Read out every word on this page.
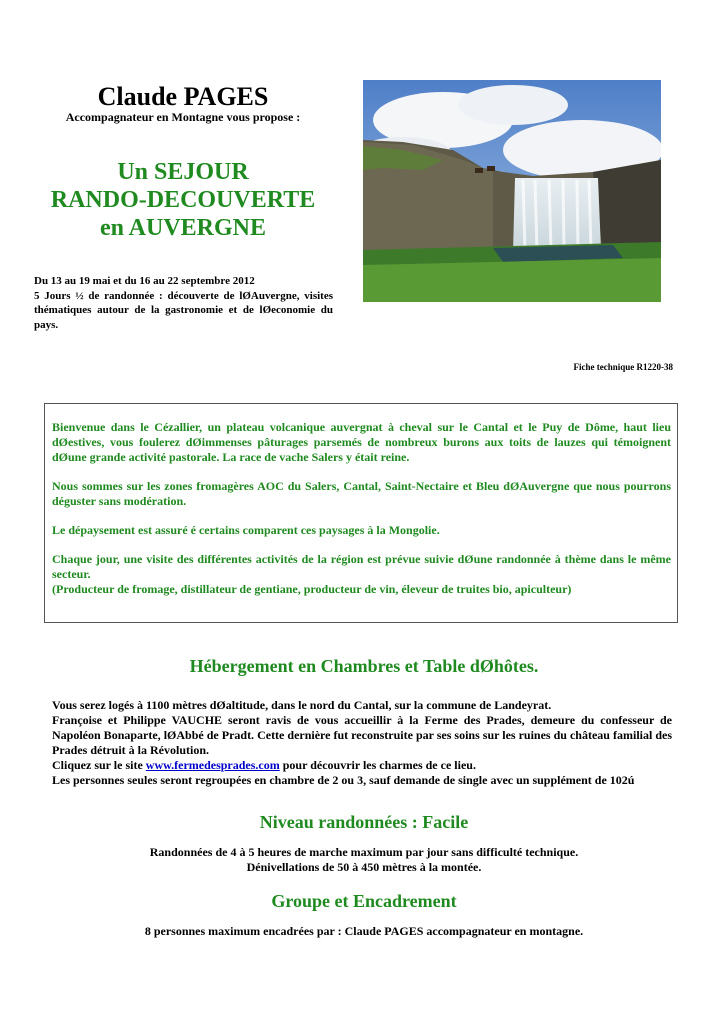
Claude PAGES
Accompagnateur en Montagne vous propose :
Un SEJOUR
RANDO-DECOUVERTE
en AUVERGNE

Du 13 au 19 mai et du 16 au 22 septembre 2012

5 Jours ½ de randonnée : découverte de lØAuvergne, visites thématiques autour de la gastronomie et de lØeconomie du pays.

Fiche technique R1220-38

Bienvenue dans le Cézallier, un plateau volcanique auvergnat à cheval sur le Cantal et le Puy de Dôme, haut lieu dØestives, vous foulerez dØimmenses pâturages parsemés de nombreux burons aux toits de lauzes qui témoignent dØune grande activité pastorale. La race de vache Salers y était reine.

Nous sommes sur les zones fromagères AOC du Salers, Cantal, Saint-Nectaire et Bleu dØAuvergne que nous pourrons déguster sans modération.

Le dépaysement est assuré é certains comparent ces paysages à la Mongolie.

Chaque jour, une visite des différentes activités de la région est prévue suivie dØune randonnée à thème dans le même secteur.
(Producteur de fromage, distillateur de gentiane, producteur de vin, éleveur de truites bio, apiculteur)

Hébergement en Chambres et Table dØhôtes.

Vous serez logés à 1100 mètres dØaltitude, dans le nord du Cantal, sur la commune de Landeyrat.

Françoise et Philippe VAUCHE seront ravis de vous accueillir à la Ferme des Prades, demeure du confesseur de Napoléon Bonaparte, lØAbbé de Pradt. Cette dernière fut reconstruite par ses soins sur les ruines du château familial des Prades détruit à la Révolution.

Cliquez sur le site www.fermedesprades.com pour découvrir les charmes de ce lieu.

Les personnes seules seront regroupées en chambre de 2 ou 3, sauf demande de single avec un supplément de 102ú

Niveau randonnées : Facile
Randonnées de 4 à 5 heures de marche maximum par jour sans difficulté technique.
Dénivellations de 50 à 450 mètres à la montée.
Groupe et Encadrement
8 personnes maximum encadrées par : Claude PAGES accompagnateur en montagne.
